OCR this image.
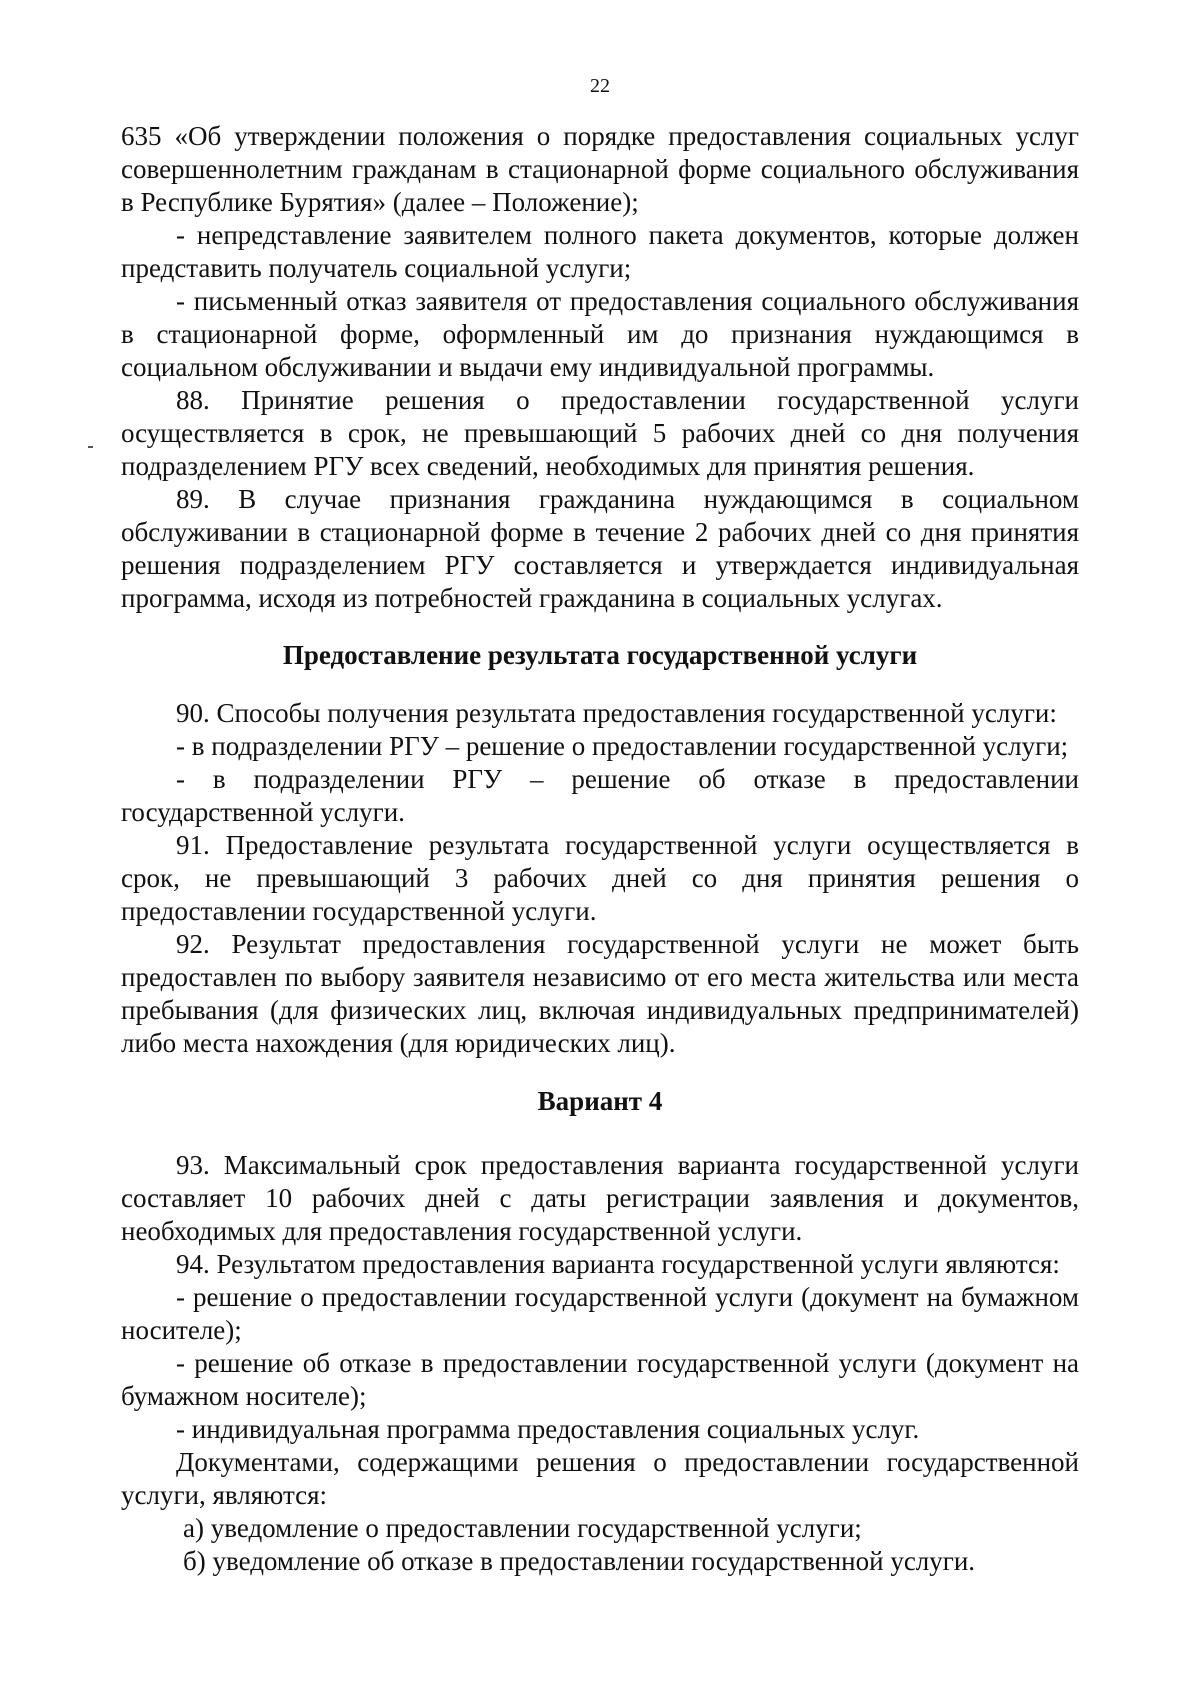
22

635 «Об утверждении положения о порядке предоставления социальных услуг совершеннолетним гражданам в стационарной форме социального обслуживания в Республике Бурятия» (далее – Положение);

- непредставление заявителем полного пакета документов, которые должен представить получатель социальной услуги;

- письменный отказ заявителя от предоставления социального обслуживания в стационарной форме, оформленный им до признания нуждающимся в социальном обслуживании и выдачи ему индивидуальной программы.

88. Принятие решения о предоставлении государственной услуги осуществляется в срок, не превышающий 5 рабочих дней со дня получения подразделением РГУ всех сведений, необходимых для принятия решения.

89. В случае признания гражданина нуждающимся в социальном обслуживании в стационарной форме в течение 2 рабочих дней со дня принятия решения подразделением РГУ составляется и утверждается индивидуальная программа, исходя из потребностей гражданина в социальных услугах.

Предоставление результата государственной услуги

90. Способы получения результата предоставления государственной услуги:

- в подразделении РГУ – решение о предоставлении государственной услуги;

- в подразделении РГУ – решение об отказе в предоставлении государственной услуги.

91. Предоставление результата государственной услуги осуществляется в срок, не превышающий 3 рабочих дней со дня принятия решения о предоставлении государственной услуги.

92. Результат предоставления государственной услуги не может быть предоставлен по выбору заявителя независимо от его места жительства или места пребывания (для физических лиц, включая индивидуальных предпринимателей) либо места нахождения (для юридических лиц).

Вариант 4

93. Максимальный срок предоставления варианта государственной услуги составляет 10 рабочих дней с даты регистрации заявления и документов, необходимых для предоставления государственной услуги.

94. Результатом предоставления варианта государственной услуги являются:

- решение о предоставлении государственной услуги (документ на бумажном носителе);

- решение об отказе в предоставлении государственной услуги (документ на бумажном носителе);

- индивидуальная программа предоставления социальных услуг.

Документами, содержащими решения о предоставлении государственной услуги, являются:

а) уведомление о предоставлении государственной услуги;

б) уведомление об отказе в предоставлении государственной услуги.
